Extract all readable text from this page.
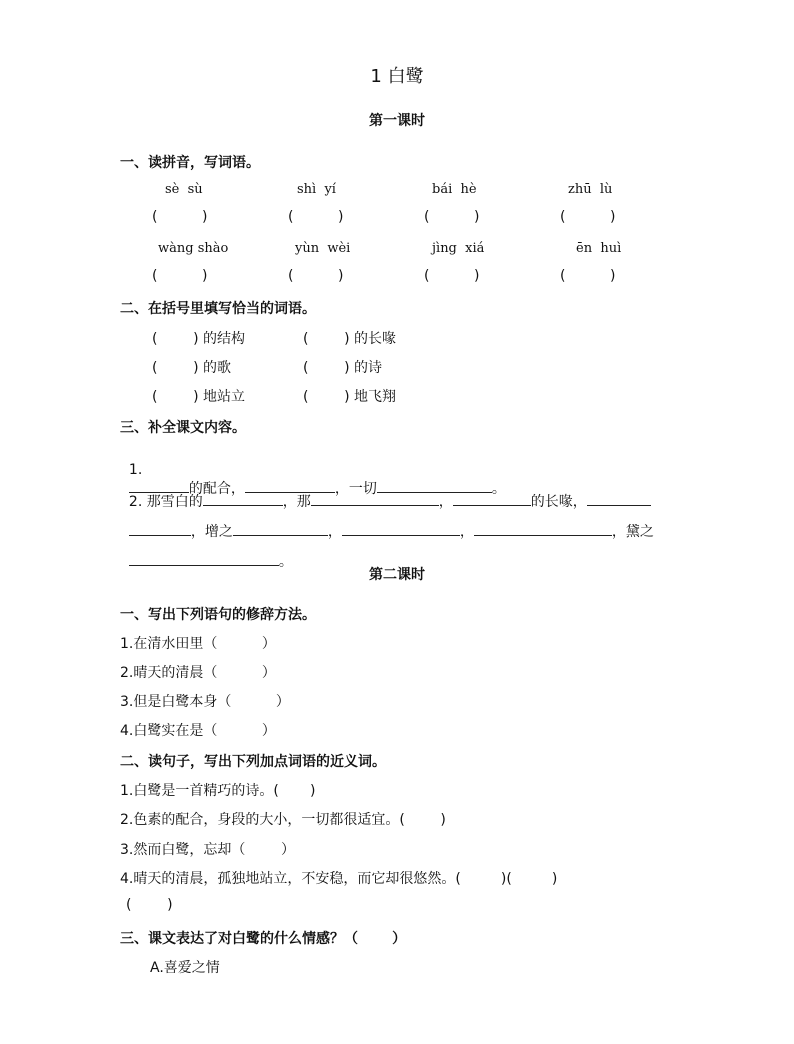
1 白鹭
第一课时
一、读拼音，写词语。
sè  sù	shì  yí	bái  hè	zhū  lù
(          )	(          )	(          )	(          )
wàng shào	yùn  wèi	jìng  xiá	ēn  huì
(          )	(          )	(          )	(          )
二、在括号里填写恰当的词语。
(        ) 的结构	(        ) 的长喙
(        ) 的歌	(        ) 的诗
(        ) 地站立	(        ) 地飞翔
三、补全课文内容。

1.
的配合，	，一切	。

2. 那雪白的	，那	，	的长喙，

，增之	，	，	，黛之

。

第二课时
一、写出下列语句的修辞方法。
1.在清水田里（          ）
2.晴天的清晨（          ）
3.但是白鹭本身（          ）
4.白鹭实在是（          ）
二、读句子，写出下列加点词语的近义词。
1.白鹭是一首精巧的诗。(       )
2.色素的配合，身段的大小，一切都很适宜。(        )
3.然而白鹭，忘却（        ）
4.晴天的清晨，孤独地站立，不安稳，而它却很悠然。(         )(         )
(        )
三、课文表达了对白鹭的什么情感？（       ）
A.喜爱之情
